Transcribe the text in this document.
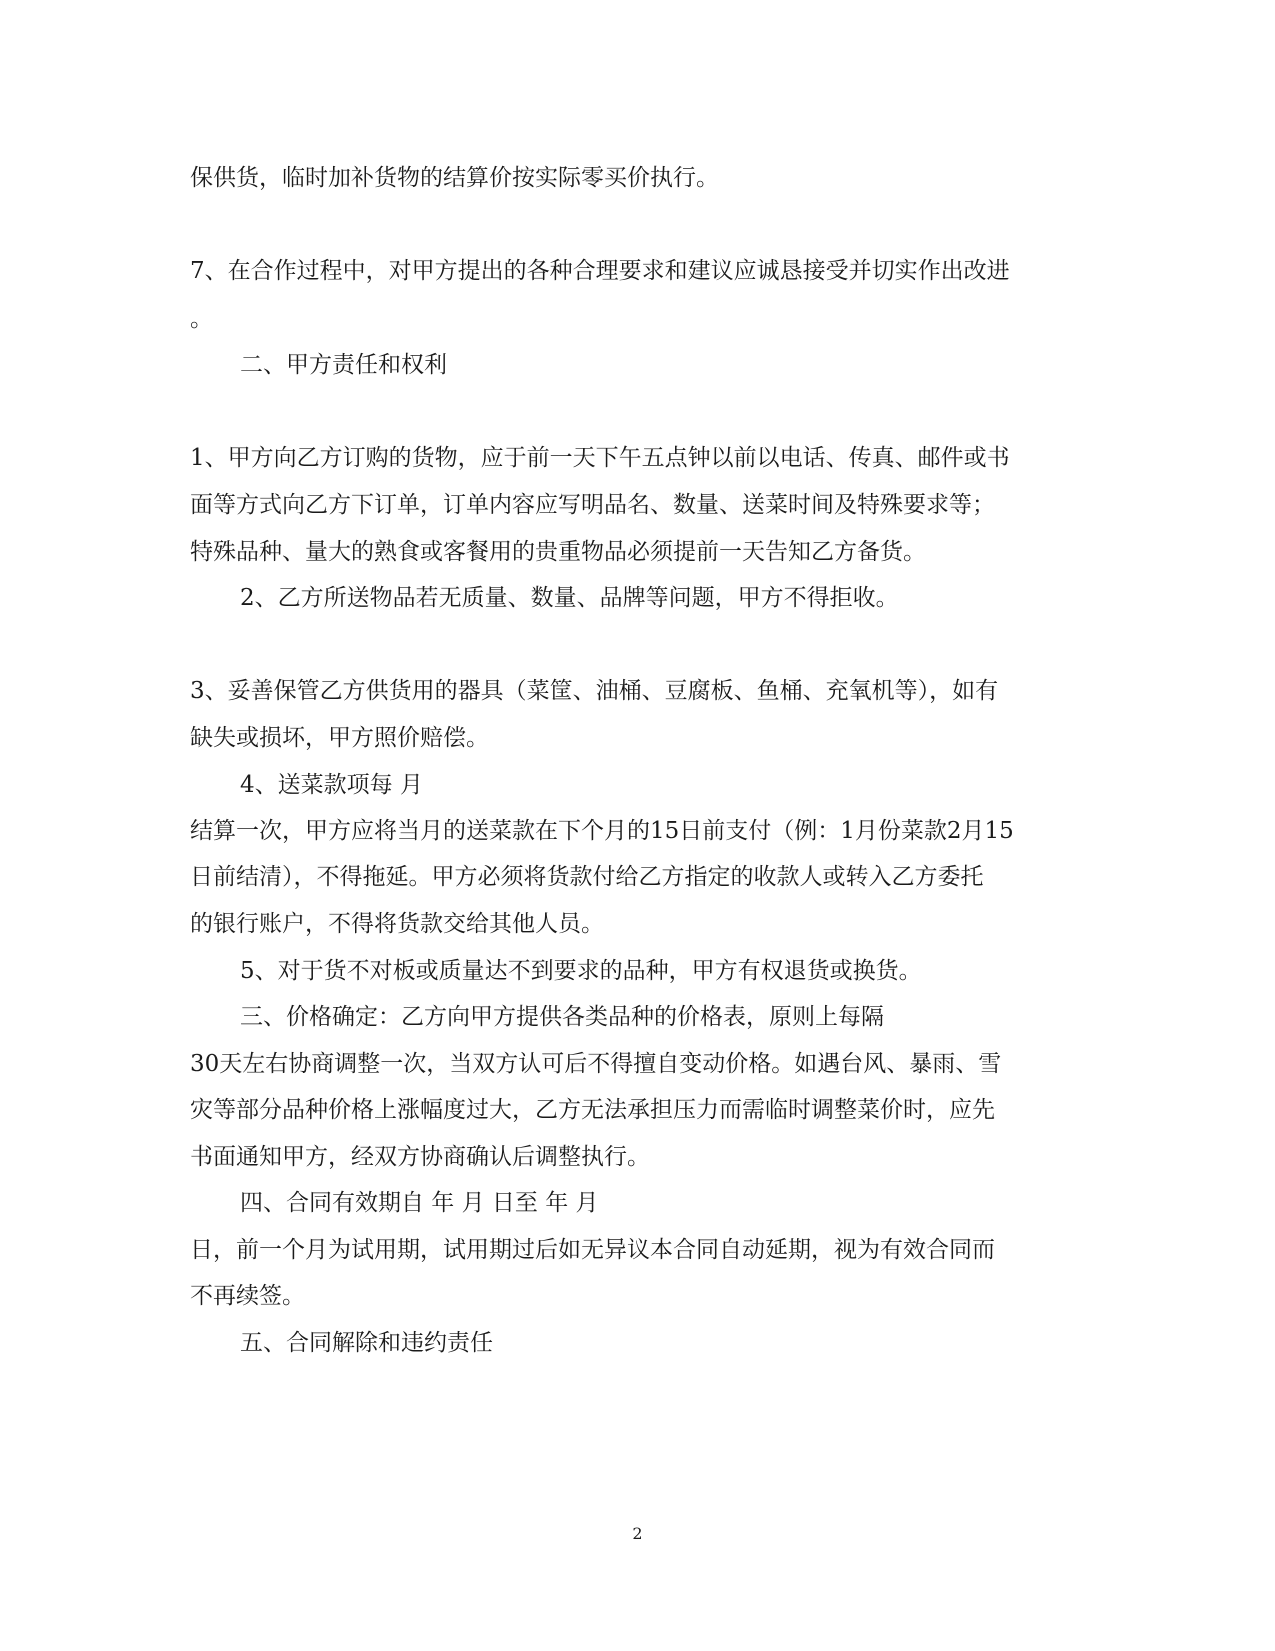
保供货，临时加补货物的结算价按实际零买价执行。
7、在合作过程中，对甲方提出的各种合理要求和建议应诚恳接受并切实作出改进
。
二、甲方责任和权利
1、甲方向乙方订购的货物，应于前一天下午五点钟以前以电话、传真、邮件或书
面等方式向乙方下订单，订单内容应写明品名、数量、送菜时间及特殊要求等；
特殊品种、量大的熟食或客餐用的贵重物品必须提前一天告知乙方备货。
2、乙方所送物品若无质量、数量、品牌等问题，甲方不得拒收。
3、妥善保管乙方供货用的器具（菜筐、油桶、豆腐板、鱼桶、充氧机等），如有
缺失或损坏，甲方照价赔偿。
4、送菜款项每 月
结算一次，甲方应将当月的送菜款在下个月的15日前支付（例：1月份菜款2月15
日前结清），不得拖延。甲方必须将货款付给乙方指定的收款人或转入乙方委托
的银行账户，不得将货款交给其他人员。
5、对于货不对板或质量达不到要求的品种，甲方有权退货或换货。
三、价格确定：乙方向甲方提供各类品种的价格表，原则上每隔
30天左右协商调整一次，当双方认可后不得擅自变动价格。如遇台风、暴雨、雪
灾等部分品种价格上涨幅度过大，乙方无法承担压力而需临时调整菜价时，应先
书面通知甲方，经双方协商确认后调整执行。
四、合同有效期自 年 月 日至 年 月
日，前一个月为试用期，试用期过后如无异议本合同自动延期，视为有效合同而
不再续签。
五、合同解除和违约责任
2
